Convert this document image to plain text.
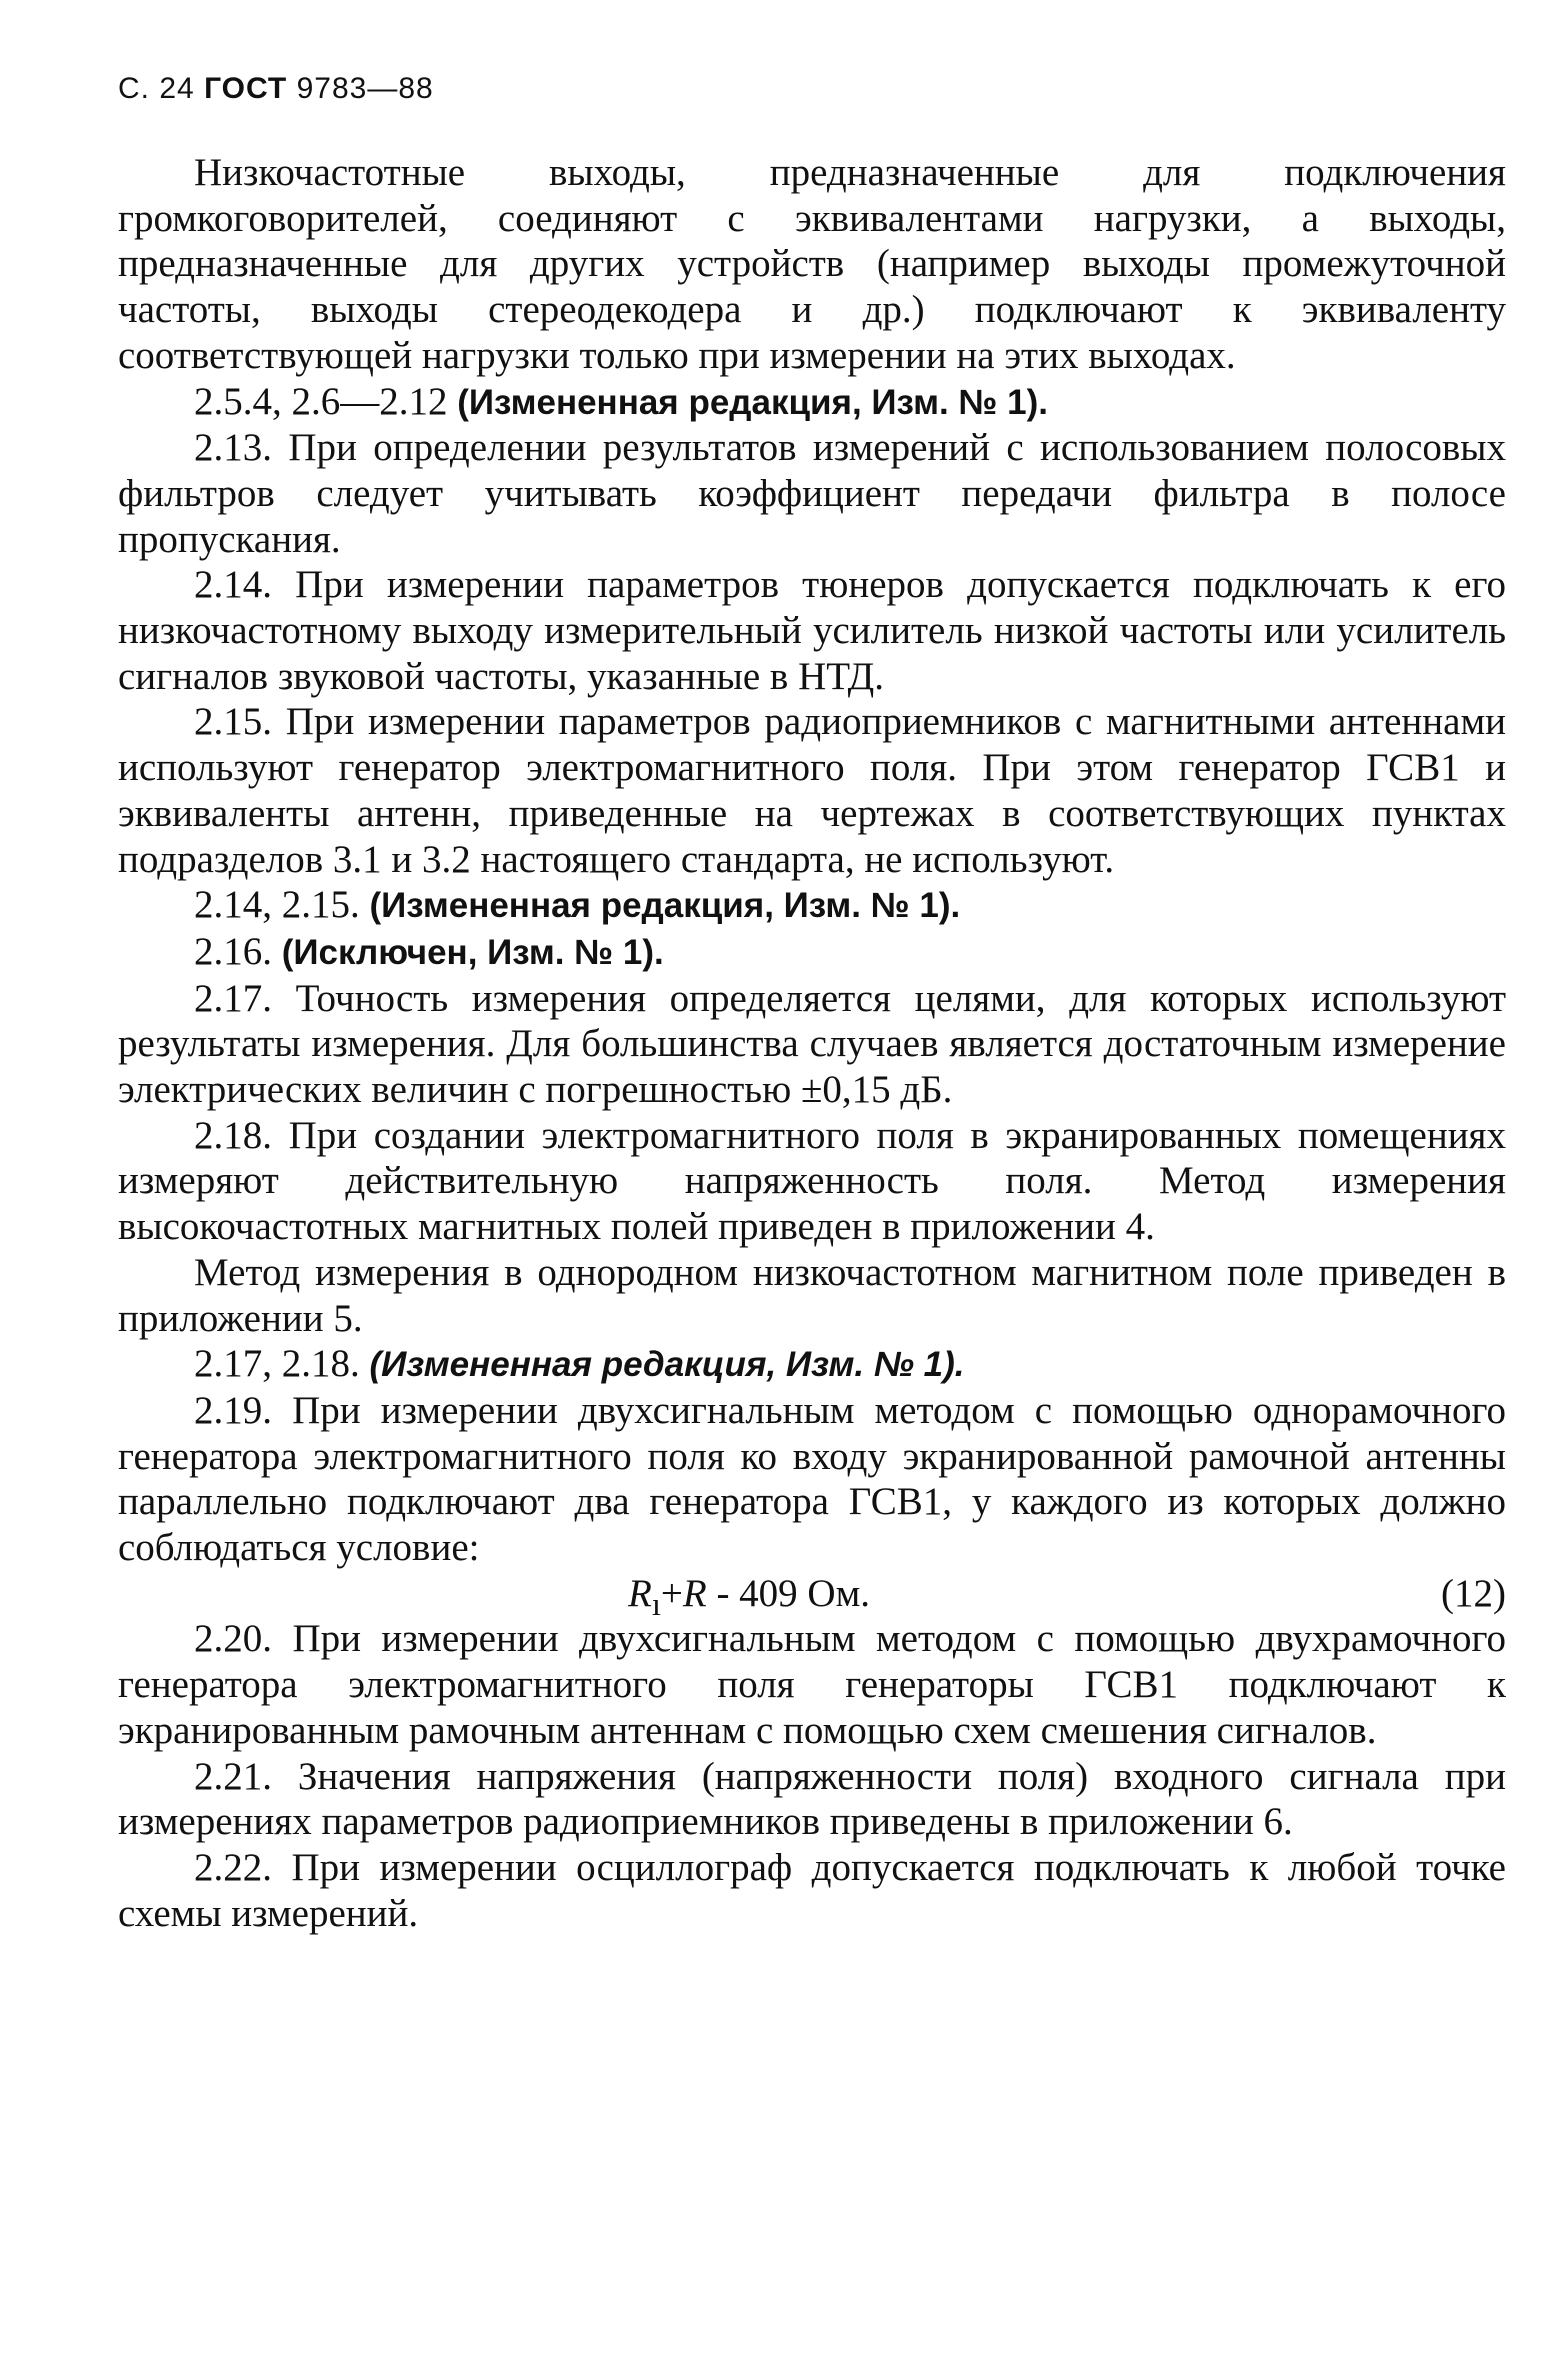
С. 24 ГОСТ 9783—88

Низкочастотные выходы, предназначенные для подключения громкоговорителей, соединяют с эквивалентами нагрузки, а выходы, предназначенные для других устройств (например выходы промежуточной частоты, выходы стереодекодера и др.) подключают к эквиваленту соответствующей нагрузки только при измерении на этих выходах.

2.5.4, 2.6—2.12 (Измененная редакция, Изм. № 1).

2.13. При определении результатов измерений с использованием полосовых фильтров следует учитывать коэффициент передачи фильтра в полосе пропускания.

2.14. При измерении параметров тюнеров допускается подключать к его низкочастотному выходу измерительный усилитель низкой частоты или усилитель сигналов звуковой частоты, указанные в НТД.

2.15. При измерении параметров радиоприемников с магнитными антеннами используют генератор электромагнитного поля. При этом генератор ГСВ1 и эквиваленты антенн, приведенные на чертежах в соответствующих пунктах подразделов 3.1 и 3.2 настоящего стандарта, не используют.

2.14, 2.15. (Измененная редакция, Изм. № 1).

2.16. (Исключен, Изм. № 1).

2.17. Точность измерения определяется целями, для которых используют результаты измерения. Для большинства случаев является достаточным измерение электрических величин с погрешностью ±0,15 дБ.

2.18. При создании электромагнитного поля в экранированных помещениях измеряют действительную напряженность поля. Метод измерения высокочастотных магнитных полей приведен в приложении 4.

Метод измерения в однородном низкочастотном магнитном поле приведен в приложении 5.

2.17, 2.18. (Измененная редакция, Изм. № 1).

2.19. При измерении двухсигнальным методом с помощью однорамочного генератора электромагнитного поля ко входу экранированной рамочной антенны параллельно подключают два генератора ГСВ1, у каждого из которых должно соблюдаться условие:

$R_ı+R - 409$ Ом.	(12)

2.20. При измерении двухсигнальным методом с помощью двухрамочного генератора электромагнитного поля генераторы ГСВ1 подключают к экранированным рамочным антеннам с помощью схем смешения сигналов.

2.21. Значения напряжения (напряженности поля) входного сигнала при измерениях параметров радиоприемников приведены в приложении 6.

2.22. При измерении осциллограф допускается подключать к любой точке схемы измерений.
